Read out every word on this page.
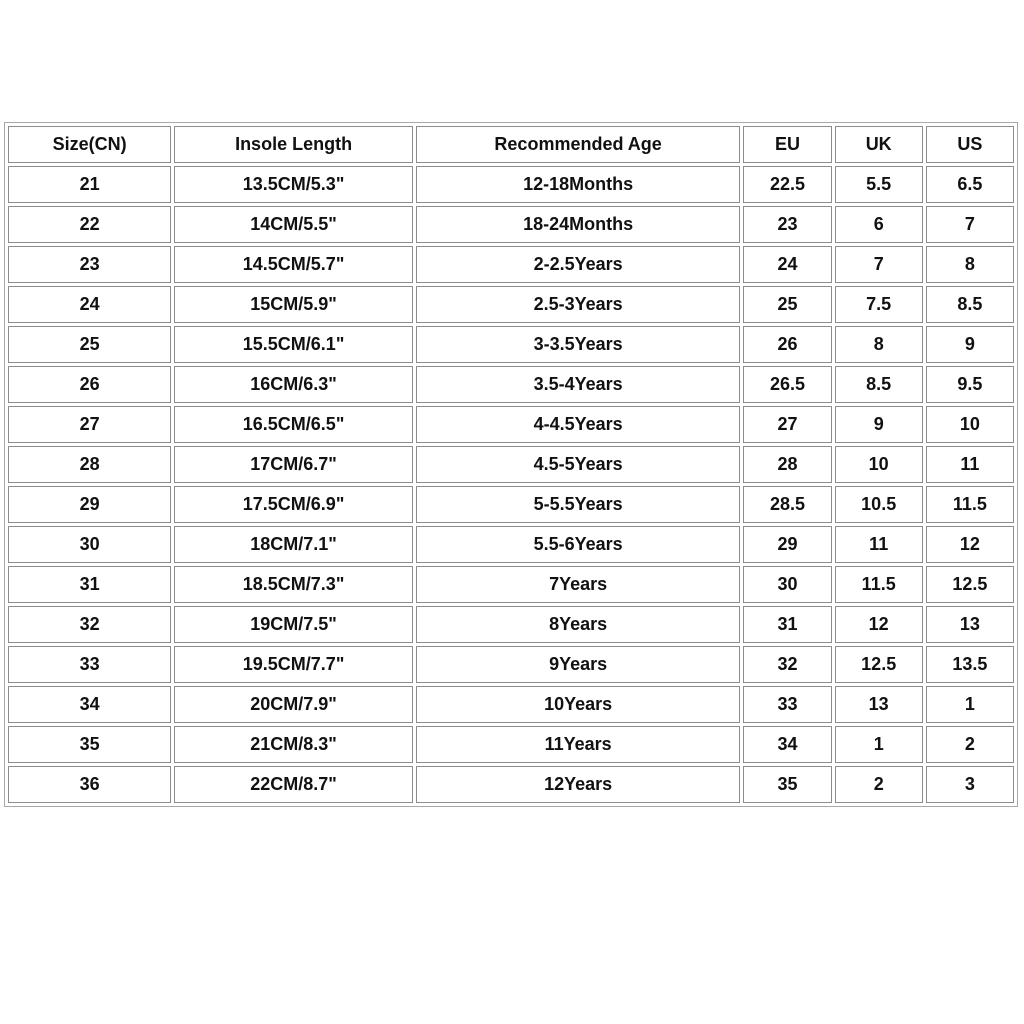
Size(CN)	Insole Length	Recommended Age	EU	UK	US
21	13.5CM/5.3"	12-18Months	22.5	5.5	6.5
22	14CM/5.5"	18-24Months	23	6	7
23	14.5CM/5.7"	2-2.5Years	24	7	8
24	15CM/5.9"	2.5-3Years	25	7.5	8.5
25	15.5CM/6.1"	3-3.5Years	26	8	9
26	16CM/6.3"	3.5-4Years	26.5	8.5	9.5
27	16.5CM/6.5"	4-4.5Years	27	9	10
28	17CM/6.7"	4.5-5Years	28	10	11
29	17.5CM/6.9"	5-5.5Years	28.5	10.5	11.5
30	18CM/7.1"	5.5-6Years	29	11	12
31	18.5CM/7.3"	7Years	30	11.5	12.5
32	19CM/7.5"	8Years	31	12	13
33	19.5CM/7.7"	9Years	32	12.5	13.5
34	20CM/7.9"	10Years	33	13	1
35	21CM/8.3"	11Years	34	1	2
36	22CM/8.7"	12Years	35	2	3
